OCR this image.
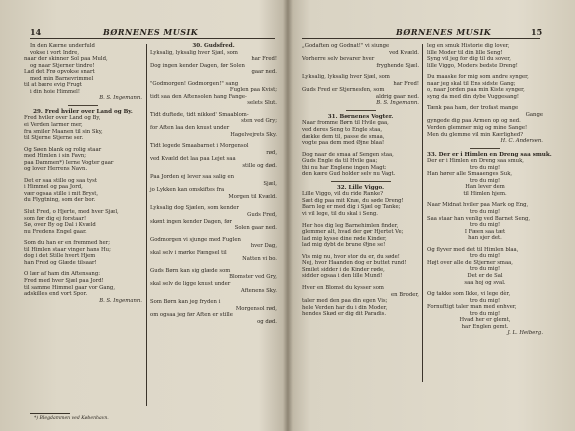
14	BØRNENES MUSIK
In den Kærne underfuld
vokse i vort Indre,
naar der skinner Sol paa Muld,
og naar Stjerner tindre!
Lad det Frø opvokse snart
med min Barnevrimmel
til at bære evig Frugt
i din hoie Himmel!
B. S. Ingemann.
29. Fred hviler over Land og By.
Fred hviler over Land og By,
ei Verden larmer mer,
fra smiler Maanen til sin Sky,
til Stjerne Stjerne ser.
Og Søen blank og rolig staar
med Himlen i sin Favn;
paa Dammen*) Ierne Vogter gaar
og lover Herrens Navn.
Det er saa stille og saa tyst
i Himmel og paa Jord,
vær ogsaa stille i mit Bryst,
du Flygtning, som der bor.
Slut Fred, o Hjerte, med hver Sjæl,
som før dig ej forstaar!
Sø, over By og Dal i Kvæld
nu Fredens Engel gaar.
Som du han er en fremmed her;
til Himlen staar vinger hans Hu;
dog i det Stille hvert Hjem
han Fred og Glæde tilsaar!
O lær af ham din Aftensang:
Fred med hver Sjæl paa Jord!
til samme Himmel gaar vor Gang,
adskilles end vort Spor.
B. S. Ingemann.
*) Blegdammen ved København.
30. Gudsfred.
Lyksalig, lyksalig hver Sjæl, som
har Fred!
Dog ingen kender Dagen, før Solen
gaar ned.
"Godmorgen! Godmorgen!" sang
Fuglen paa Kvist;
tidt saa den Aftensolen hang Fange-
selets Slut.
Tidt duftede, tidt nikked' Smaablom-
sten ved Gry;
for Aften laa den knust under
Hagelvejrets Sky.
Tidt legede Smaabarnet i Morgensol
rød,
ved Kvæld det laa paa Lejet saa
stille og død.
Paa Jorden ej lever saa salig en
Sjæl,
jo Lykken kan omskiftes fra
Morgen til Kvæld.
Lyksalig dog Sjælen, som kender
Guds Fred,
skønt ingen kender Dagen, før
Solen gaar ned.
Godmorgen vi sjunge med Fuglen
hver Dag,
skal selv i mørke Fængsel til
Natten vi bo.
Guds Børn kan sig glæde som
Blomster ved Gry,
skal selv de ligge knust under
Aftenens Sky.
Som Børn kan jeg fryden i
Morgensol rød,
om ogsaa jeg før Aften er stille
og død.
BØRNENES MUSIK	15
„Godaften og Godnat!" vi siunge
ved Kvæld.
Vorherre selv bevarer hver
fryghende Sjæl.
Lyksalig, lyksalig hver Sjæl, som
har Fred!
Guds Fred er Stjernesfen, som
aldrig gaar ned.
B. S. Ingemann.
31. Børnenes Vogter.
Naar fromme Børn til Hvile gaa,
ved deres Seng to Engle staa,
dække dem til, passe de smaa,
vogte paa dem med Øjne blaa!
Dog naar de smaa af Sengen staa,
Guds Engle da til Hvile gaa;
thi nu har Englene ingen Magt:
den kære Gud holder selv nu Vagt.
32. Lille Viggo.
Lille Viggo, vil du ride Ranke?
Sæt dig paa mit Knæ, du søde Dreng!
Barn leg er med dig i Sjæl og Tanke;
vi vil lege, til du skal i Seng.
Her hos dig leg Barnehimlen finder,
glemmer alt, hvad der gør Hjertet Ve;
lad mig kysse dine røde Kinder,
lad mig dybt de brune Øjne se!
Vis mig nu, hvor stor du er, du søde!
Nej, hvor Haanden dog er buttet rund!
Smilet sidder i de Kinder røde,
sidder ogsaa i den lille Mund!
Hver en Blomst du kysser som
en Broder,
taler med den paa din egen Vis;
hele Verden har du i din Moder,
hendes Skød er dig dit Paradis.
leg en smuk Historie dig lover,
lille Moder til din lille Seng!
Syng vil jeg for dig til du sover,
lille Viggo, Moders bedste Dreng!
Du maaske for mig som andre synger,
naar jeg skal til Ens sidste Gang;
o, naar Jorden paa min Kiste synger,
syng da med din dybe Vuggesang!
Tænk paa ham, der trofast mange
Gange
gyngede dig paa Armen op og ned.
Verden glemmer mig og mine Sange!
Men du glemme vil min Kærlighed?
H. C. Andersen.
33. Der er i Himlen en Dreng saa smuk.
Der er i Himlen en Dreng saa smuk,
tro du mig!
Han hører alle Smaaenges Suk,
tro du mig!
Han lever dem
til Himlen hjem.
Naar Midnat hviler paa Mark og Eng,
tro du mig!
Saa staar han venlig ved Barnet Seng,
tro du mig!
I Fæen saa tæt
han sjer det.
Og flyver med det til Himlen blaa,
tro du mig!
Højt over alle de Stjerner smaa,
tro du mig!
Det er de Sal
saa hoj og sval.
Og takke som Ikke, vi lege dèr,
tro du mig!
Fornuftigt taler man med enhver,
tro du mig!
Hvad her er glemt,
har Englen gemt.
J. L. Heiberg.
